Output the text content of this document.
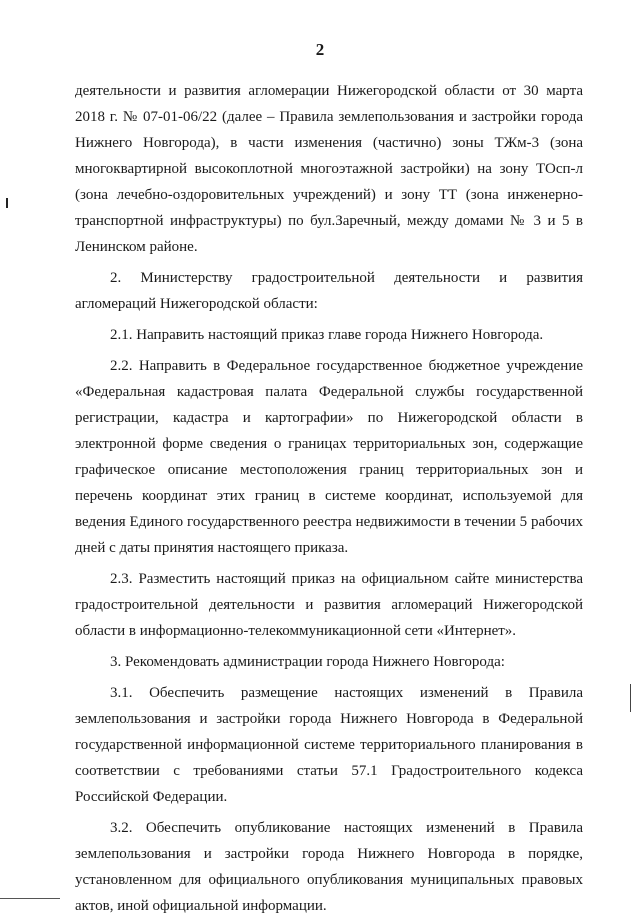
2

деятельности и развития агломерации Нижегородской области от 30 марта 2018 г. № 07-01-06/22 (далее – Правила землепользования и застройки города Нижнего Новгорода), в части изменения (частично) зоны ТЖм-3 (зона многоквартирной высокоплотной многоэтажной застройки) на зону ТОсп-л (зона лечебно-оздоровительных учреждений) и зону ТТ (зона инженерно-транспортной инфраструктуры) по бул.Заречный, между домами № 3 и 5 в Ленинском районе.

2. Министерству градостроительной деятельности и развития агломераций Нижегородской области:

2.1. Направить настоящий приказ главе города Нижнего Новгорода.

2.2. Направить в Федеральное государственное бюджетное учреждение «Федеральная кадастровая палата Федеральной службы государственной регистрации, кадастра и картографии» по Нижегородской области в электронной форме сведения о границах территориальных зон, содержащие графическое описание местоположения границ территориальных зон и перечень координат этих границ в системе координат, используемой для ведения Единого государственного реестра недвижимости в течении 5 рабочих дней с даты принятия настоящего приказа.

2.3. Разместить настоящий приказ на официальном сайте министерства градостроительной деятельности и развития агломераций Нижегородской области в информационно-телекоммуникационной сети «Интернет».

3. Рекомендовать администрации города Нижнего Новгорода:

3.1. Обеспечить размещение настоящих изменений в Правила землепользования и застройки города Нижнего Новгорода в Федеральной государственной информационной системе территориального планирования в соответствии с требованиями статьи 57.1 Градостроительного кодекса Российской Федерации.

3.2. Обеспечить опубликование настоящих изменений в Правила землепользования и застройки города Нижнего Новгорода в порядке, установленном для официального опубликования муниципальных правовых актов, иной официальной информации.
